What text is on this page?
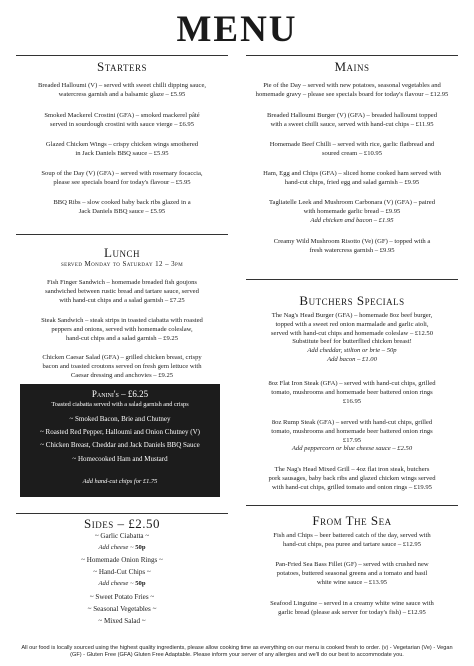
MENU
Starters
Breaded Halloumi (V) – served with sweet chilli dipping sauce,
watercress garnish and a balsamic glaze – £5.95
Smoked Mackerel Crostini (GFA) – smoked mackerel pâté
served in sourdough crostini with sauce vierge – £6.95
Glazed Chicken Wings – crispy chicken wings smothered
in Jack Daniels BBQ sauce – £5.95
Soup of the Day (V) (GFA) – served with rosemary focaccia,
please see specials board for today's flavour – £5.95
BBQ Ribs – slow cooked baby back ribs glazed in a
Jack Daniels BBQ sauce – £5.95
Lunch
served Monday to Saturday 12 – 3pm
Fish Finger Sandwich – homemade breaded fish goujons
sandwiched between rustic bread and tartare sauce, served
with hand-cut chips and a salad garnish – £7.25
Steak Sandwich – steak strips in toasted ciabatta with roasted
peppers and onions, served with homemade coleslaw,
hand-cut chips and a salad garnish – £9.25
Chicken Caesar Salad (GFA) – grilled chicken breast, crispy
bacon and toasted croutons served on fresh gem lettuce with
Caesar dressing and anchovies – £9.25
Sides – £2.50
~ Garlic Ciabatta ~
Add cheese ~ 50p
~ Homemade Onion Rings ~
~ Hand-Cut Chips ~
Add cheese ~ 50p
~ Sweet Potato Fries ~
~ Seasonal Vegetables ~
~ Mixed Salad ~
Panini's – £6.25
Toasted ciabatta served with a salad garnish and crisps
~ Smoked Bacon, Brie and Chutney
~ Roasted Red Pepper, Halloumi and Onion Chutney (V)
~ Chicken Breast, Cheddar and Jack Daniels BBQ Sauce
~ Homecooked Ham and Mustard
Add hand-cut chips for £1.75
Mains
Pie of the Day – served with new potatoes, seasonal vegetables and
homemade gravy – please see specials board for today's flavour – £12.95
Breaded Halloumi Burger (V) (GFA) – breaded halloumi topped
with a sweet chilli sauce, served with hand-cut chips – £11.95
Homemade Beef Chilli – served with rice, garlic flatbread and
soured cream – £10.95
Ham, Egg and Chips (GFA) – sliced home cooked ham served with
hand-cut chips, fried egg and salad garnish – £9.95
Tagliatelle Leek and Mushroom Carbonara (V) (GFA) – paired
with homemade garlic bread – £9.95
Add chicken and bacon – £1.95
Creamy Wild Mushroom Risotto (Ve) (GF) – topped with a
fresh watercress garnish – £9.95
Butchers Specials
The Nag's Head Burger (GFA) – homemade 8oz beef burger,
topped with a sweet red onion marmalade and garlic aioli,
served with hand-cut chips and homemade coleslaw – £12.50
Substitute beef for butterflied chicken breast!
Add cheddar, stilton or brie – 50p
Add bacon – £1.00
8oz Flat Iron Steak (GFA) – served with hand-cut chips, grilled
tomato, mushrooms and homemade beer battered onion rings
£16.95
8oz Rump Steak (GFA) – served with hand-cut chips, grilled
tomato, mushrooms and homemade beer battered onion rings
£17.95
Add peppercorn or blue cheese sauce – £2.50
The Nag's Head Mixed Grill – 4oz flat iron steak, butchers
pork sausages, baby back ribs and glazed chicken wings served
with hand-cut chips, grilled tomato and onion rings – £19.95
From The Sea
Fish and Chips – beer battered catch of the day, served with
hand-cut chips, pea puree and tartare sauce – £12.95
Pan-Fried Sea Bass Fillet (GF) – served with crushed new
potatoes, buttered seasonal greens and a tomato and basil
white wine sauce – £13.95
Seafood Linguine – served in a creamy white wine sauce with
garlic bread (please ask server for today's fish) – £12.95
All our food is locally sourced using the highest quality ingredients, please allow cooking time as everything on our menu is cooked fresh to order. (v) - Vegetarian (Ve) - Vegan
(GF) - Gluten Free (GFA) Gluten Free Adaptable. Please inform your server of any allergies and we'll do our best to accommodate you.
